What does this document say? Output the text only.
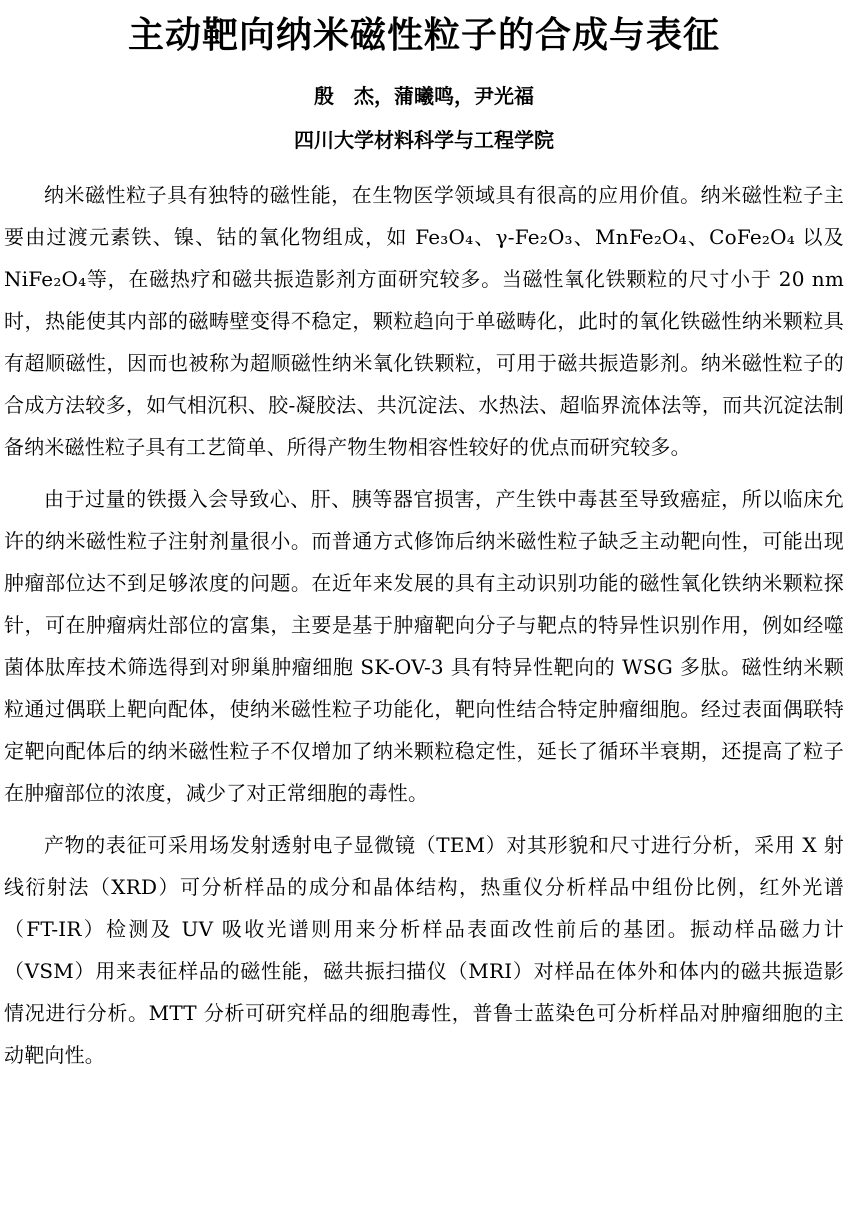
主动靶向纳米磁性粒子的合成与表征
殷　杰，蒲曦鸣，尹光福
四川大学材料科学与工程学院

纳米磁性粒子具有独特的磁性能，在生物医学领域具有很高的应用价值。纳米磁性粒子主要由过渡元素铁、镍、钴的氧化物组成，如 Fe₃O₄、γ-Fe₂O₃、MnFe₂O₄、CoFe₂O₄ 以及 NiFe₂O₄等，在磁热疗和磁共振造影剂方面研究较多。当磁性氧化铁颗粒的尺寸小于 20 nm 时，热能使其内部的磁畴壁变得不稳定，颗粒趋向于单磁畴化，此时的氧化铁磁性纳米颗粒具有超顺磁性，因而也被称为超顺磁性纳米氧化铁颗粒，可用于磁共振造影剂。纳米磁性粒子的合成方法较多，如气相沉积、胶-凝胶法、共沉淀法、水热法、超临界流体法等，而共沉淀法制备纳米磁性粒子具有工艺简单、所得产物生物相容性较好的优点而研究较多。

由于过量的铁摄入会导致心、肝、胰等器官损害，产生铁中毒甚至导致癌症，所以临床允许的纳米磁性粒子注射剂量很小。而普通方式修饰后纳米磁性粒子缺乏主动靶向性，可能出现肿瘤部位达不到足够浓度的问题。在近年来发展的具有主动识别功能的磁性氧化铁纳米颗粒探针，可在肿瘤病灶部位的富集，主要是基于肿瘤靶向分子与靶点的特异性识别作用，例如经噬菌体肽库技术筛选得到对卵巢肿瘤细胞 SK-OV-3 具有特异性靶向的 WSG 多肽。磁性纳米颗粒通过偶联上靶向配体，使纳米磁性粒子功能化，靶向性结合特定肿瘤细胞。经过表面偶联特定靶向配体后的纳米磁性粒子不仅增加了纳米颗粒稳定性，延长了循环半衰期，还提高了粒子在肿瘤部位的浓度，减少了对正常细胞的毒性。

产物的表征可采用场发射透射电子显微镜（TEM）对其形貌和尺寸进行分析，采用 X 射线衍射法（XRD）可分析样品的成分和晶体结构，热重仪分析样品中组份比例，红外光谱（FT-IR）检测及 UV 吸收光谱则用来分析样品表面改性前后的基团。振动样品磁力计（VSM）用来表征样品的磁性能，磁共振扫描仪（MRI）对样品在体外和体内的磁共振造影情况进行分析。MTT 分析可研究样品的细胞毒性，普鲁士蓝染色可分析样品对肿瘤细胞的主动靶向性。
